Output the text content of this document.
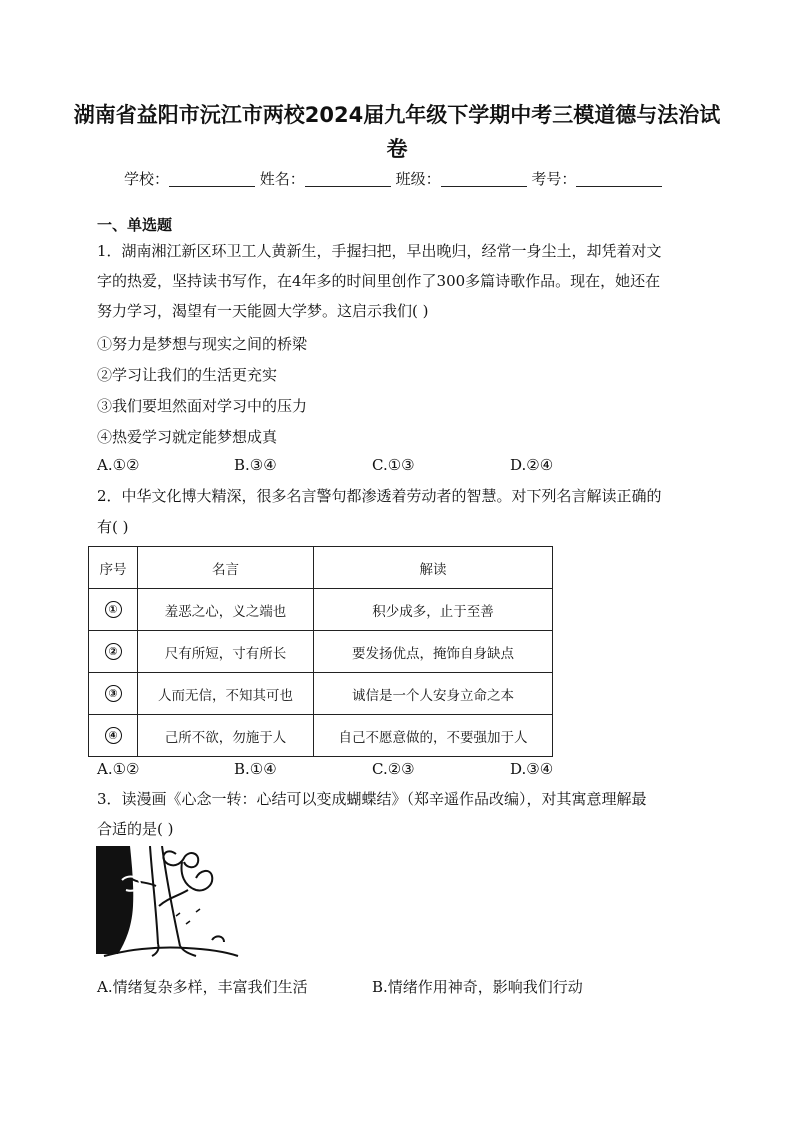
湖南省益阳市沅江市两校2024届九年级下学期中考三模道德与法治试
卷
学校：	姓名：	班级：	考号：
一、单选题
1．湖南湘江新区环卫工人黄新生，手握扫把，早出晚归，经常一身尘土，却凭着对文
字的热爱，坚持读书写作，在4年多的时间里创作了300多篇诗歌作品。现在，她还在
努力学习，渴望有一天能圆大学梦。这启示我们( )
①努力是梦想与现实之间的桥梁
②学习让我们的生活更充实
③我们要坦然面对学习中的压力
④热爱学习就定能梦想成真
A.①②	B.③④	C.①③	D.②④
2．中华文化博大精深，很多名言警句都渗透着劳动者的智慧。对下列名言解读正确的
有( )
序号	名言	解读
①	羞恶之心，义之端也	积少成多，止于至善
②	尺有所短，寸有所长	要发扬优点，掩饰自身缺点
③	人而无信，不知其可也	诚信是一个人安身立命之本
④	己所不欲，勿施于人	自己不愿意做的，不要强加于人
A.①②	B.①④	C.②③	D.③④
3．读漫画《心念一转：心结可以变成蝴蝶结》（郑辛遥作品改编），对其寓意理解最
合适的是( )
A.情绪复杂多样，丰富我们生活	B.情绪作用神奇，影响我们行动
